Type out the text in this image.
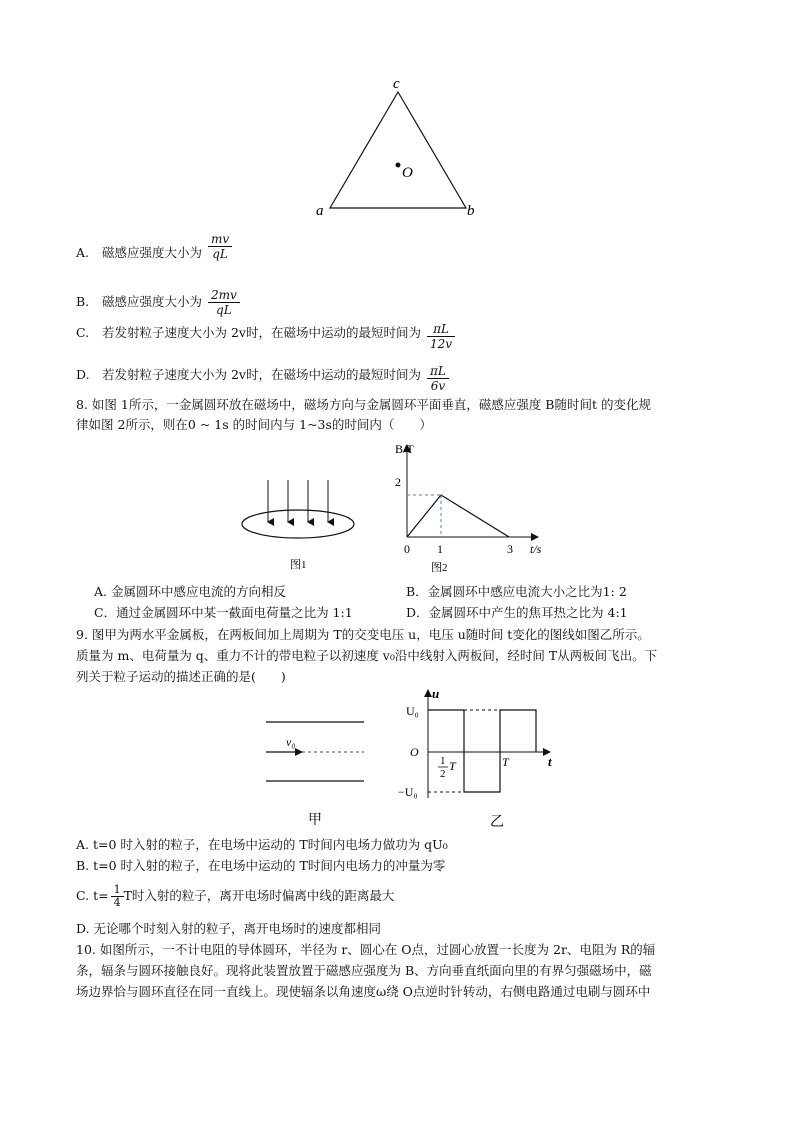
c
a	b
O
A. 磁感应强度大小为 $\frac{mv}{qL}$
B. 磁感应强度大小为 $\frac{2mv}{qL}$
C. 若发射粒子速度大小为 2v时，在磁场中运动的最短时间为 $\frac{\pi L}{12v}$
D. 若发射粒子速度大小为 2v时，在磁场中运动的最短时间为 $\frac{\pi L}{6v}$
8. 如图 1所示，一金属圆环放在磁场中，磁场方向与金属圆环平面垂直，磁感应强度 B随时间t 的变化规
律如图 2所示，则在0 ~ 1s 的时间内与 1~3s的时间内（　　）
图1
B/T
t/s
2
0 1	3
图2
A. 金属圆环中感应电流的方向相反	B．金属圆环中感应电流大小之比为1: 2
C．通过金属圆环中某一截面电荷量之比为 1:1	D．金属圆环中产生的焦耳热之比为 4:1
9. 图甲为两水平金属板，在两板间加上周期为 T的交变电压 u，电压 u随时间 t变化的图线如图乙所示。
质量为 m、电荷量为 q、重力不计的带电粒子以初速度 v₀沿中线射入两板间，经时间 T从两板间飞出。下
列关于粒子运动的描述正确的是(　　)
v₀
甲
u
t
U₀
O
−U₀
1
2
T	T
乙
A. t=0 时入射的粒子，在电场中运动的 T时间内电场力做功为 qU₀
B. t=0 时入射的粒子，在电场中运动的 T时间内电场力的冲量为零
C. $t= \frac{1}{4}$ T时入射的粒子，离开电场时偏离中线的距离最大
D. 无论哪个时刻入射的粒子，离开电场时的速度都相同
10. 如图所示，一不计电阻的导体圆环，半径为 r、圆心在 O点，过圆心放置一长度为 2r、电阻为 R的辐
条，辐条与圆环接触良好。现将此装置放置于磁感应强度为 B、方向垂直纸面向里的有界匀强磁场中，磁
场边界恰与圆环直径在同一直线上。现使辐条以角速度ω绕 O点逆时针转动，右侧电路通过电刷与圆环中
